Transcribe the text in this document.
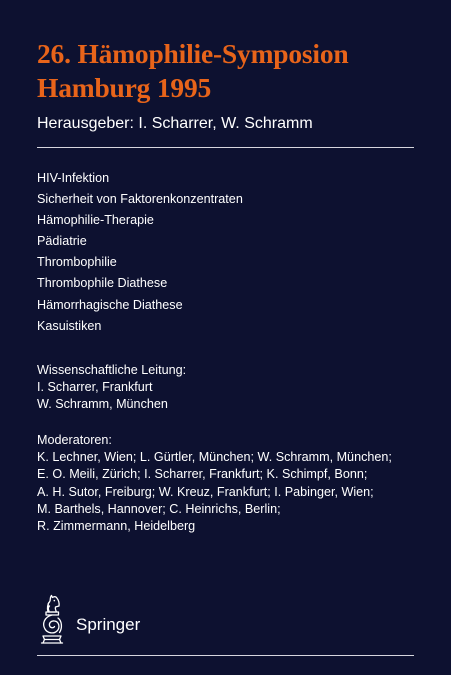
26. Hämophilie-Symposion
Hamburg 1995
Herausgeber: I. Scharrer, W. Schramm
HIV-Infektion
Sicherheit von Faktorenkonzentraten
Hämophilie-Therapie
Pädiatrie
Thrombophilie
Thrombophile Diathese
Hämorrhagische Diathese
Kasuistiken
Wissenschaftliche Leitung:
I. Scharrer, Frankfurt
W. Schramm, München
Moderatoren:
K. Lechner, Wien; L. Gürtler, München; W. Schramm, München;
E. O. Meili, Zürich; I. Scharrer, Frankfurt; K. Schimpf, Bonn;
A. H. Sutor, Freiburg; W. Kreuz, Frankfurt; I. Pabinger, Wien;
M. Barthels, Hannover; C. Heinrichs, Berlin;
R. Zimmermann, Heidelberg
Springer
